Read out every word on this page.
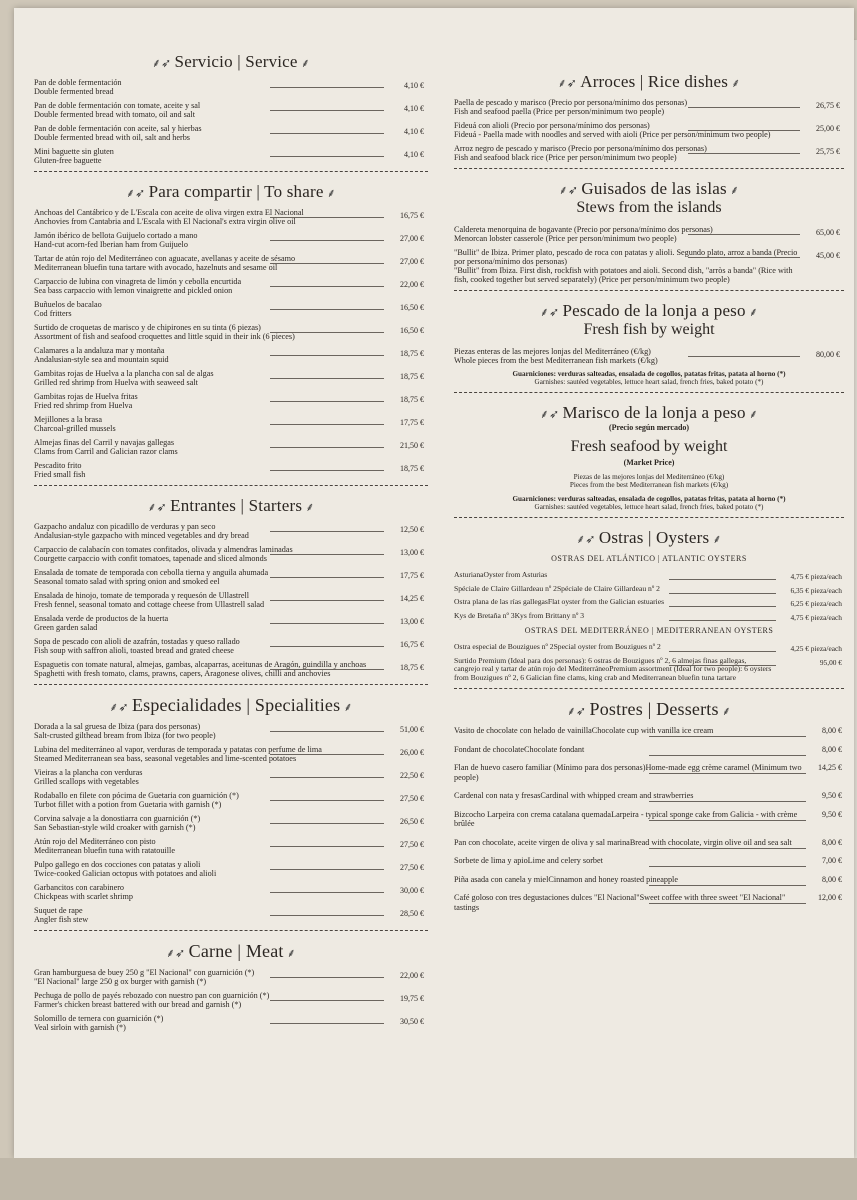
⸙➶ Servicio | Service ⸙
Pan de doble fermentación
Double fermented bread
4,10 €
Pan de doble fermentación con tomate, aceite y sal
Double fermented bread with tomato, oil and salt
4,10 €
Pan de doble fermentación con aceite, sal y hierbas
Double fermented bread with oil, salt and herbs
4,10 €
Mini baguette sin gluten
Gluten-free baguette
4,10 €
⸙➶ Para compartir | To share ⸙
Anchoas del Cantábrico y de L'Escala con aceite de oliva virgen extra El Nacional
Anchovies from Cantabria and L'Escala with El Nacional's extra virgin olive oil
16,75 €
Jamón ibérico de bellota Guijuelo cortado a mano
Hand-cut acorn-fed Iberian ham from Guijuelo
27,00 €
Tartar de atún rojo del Mediterráneo con aguacate, avellanas y aceite de sésamo
Mediterranean bluefin tuna tartare with avocado, hazelnuts and sesame oil
27,00 €
Carpaccio de lubina con vinagreta de limón y cebolla encurtida
Sea bass carpaccio with lemon vinaigrette and pickled onion
22,00 €
Buñuelos de bacalao
Cod fritters
16,50 €
Surtido de croquetas de marisco y de chipirones en su tinta (6 piezas)
Assortment of fish and seafood croquettes and little squid in their ink (6 pieces)
16,50 €
Calamares a la andaluza mar y montaña
Andalusian-style sea and mountain squid
18,75 €
Gambitas rojas de Huelva a la plancha con sal de algas
Grilled red shrimp from Huelva with seaweed salt
18,75 €
Gambitas rojas de Huelva fritas
Fried red shrimp from Huelva
18,75 €
Mejillones a la brasa
Charcoal-grilled mussels
17,75 €
Almejas finas del Carril y navajas gallegas
Clams from Carril and Galician razor clams
21,50 €
Pescadito frito
Fried small fish
18,75 €
⸙➶ Entrantes | Starters ⸙
Gazpacho andaluz con picadillo de verduras y pan seco
Andalusian-style gazpacho with minced vegetables and dry bread
12,50 €
Carpaccio de calabacín con tomates confitados, olivada y almendras laminadas
Courgette carpaccio with confit tomatoes, tapenade and sliced almonds
13,00 €
Ensalada de tomate de temporada con cebolla tierna y anguila ahumada
Seasonal tomato salad with spring onion and smoked eel
17,75 €
Ensalada de hinojo, tomate de temporada y requesón de Ullastrell
Fresh fennel, seasonal tomato and cottage cheese from Ullastrell salad
14,25 €
Ensalada verde de productos de la huerta
Green garden salad
13,00 €
Sopa de pescado con alioli de azafrán, tostadas y queso rallado
Fish soup with saffron alioli, toasted bread and grated cheese
16,75 €
Espaguetis con tomate natural, almejas, gambas, alcaparras, aceitunas de Aragón, guindilla y anchoas
Spaghetti with fresh tomato, clams, prawns, capers, Aragonese olives, chilli and anchovies
18,75 €
⸙➶ Especialidades | Specialities ⸙
Dorada a la sal gruesa de Ibiza (para dos personas)
Salt-crusted gilthead bream from Ibiza (for two people)
51,00 €
Lubina del mediterráneo al vapor, verduras de temporada y patatas con perfume de lima
Steamed Mediterranean sea bass, seasonal vegetables and lime-scented potatoes
26,00 €
Vieiras a la plancha con verduras
Grilled scallops with vegetables
22,50 €
Rodaballo en filete con pócima de Guetaria con guarnición (*)
Turbot fillet with a potion from Guetaria with garnish (*)
27,50 €
Corvina salvaje a la donostiarra con guarnición (*)
San Sebastian-style wild croaker with garnish (*)
26,50 €
Atún rojo del Mediterráneo con pisto
Mediterranean bluefin tuna with ratatouille
27,50 €
Pulpo gallego en dos cocciones con patatas y alioli
Twice-cooked Galician octopus with potatoes and alioli
27,50 €
Garbancitos con carabinero
Chickpeas with scarlet shrimp
30,00 €
Suquet de rape
Angler fish stew
28,50 €
⸙➶ Carne | Meat ⸙
Gran hamburguesa de buey 250 g "El Nacional" con guarnición (*)
"El Nacional" large 250 g ox burger with garnish (*)
22,00 €
Pechuga de pollo de payés rebozado con nuestro pan con guarnición (*)
Farmer's chicken breast battered with our bread and garnish (*)
19,75 €
Solomillo de ternera con guarnición (*)
Veal sirloin with garnish (*)
30,50 €
⸙➶ Arroces | Rice dishes ⸙
Paella de pescado y marisco (Precio por persona/mínimo dos personas)
Fish and seafood paella (Price per person/minimum two people)
26,75 €
Fideuá con alioli (Precio por persona/mínimo dos personas)
Fideuá - Paella made with noodles and served with aioli (Price per person/minimum two people)
25,00 €
Arroz negro de pescado y marisco (Precio por persona/mínimo dos personas)
Fish and seafood black rice (Price per person/minimum two people)
25,75 €
⸙➶ Guisados de las islas ⸙
Stews from the islands
Caldereta menorquina de bogavante (Precio por persona/mínimo dos personas)
Menorcan lobster casserole (Price per person/minimum two people)
65,00 €
"Bullit" de Ibiza. Primer plato, pescado de roca con patatas y alioli. Segundo plato, arroz a banda (Precio por persona/mínimo dos personas)
"Bullit" from Ibiza. First dish, rockfish with potatoes and aioli. Second dish, "arròs a banda" (Rice with fish, cooked together but served separately) (Price per person/minimum two people)
45,00 €
⸙➶ Pescado de la lonja a peso ⸙
Fresh fish by weight
Piezas enteras de las mejores lonjas del Mediterráneo (€/kg)
Whole pieces from the best Mediterranean fish markets (€/kg)
80,00 €
Guarniciones: verduras salteadas, ensalada de cogollos, patatas fritas, patata al horno (*)
Garnishes: sautéed vegetables, lettuce heart salad, french fries, baked potato (*)
⸙➶ Marisco de la lonja a peso ⸙
(Precio según mercado)
Fresh seafood by weight
(Market Price)
Piezas de las mejores lonjas del Mediterráneo (€/kg)
Pieces from the best Mediterranean fish markets (€/kg)
Guarniciones: verduras salteadas, ensalada de cogollos, patatas fritas, patata al horno (*)
Garnishes: sautéed vegetables, lettuce heart salad, french fries, baked potato (*)
⸙➶ Ostras | Oysters ⸙
OSTRAS DEL ATLÁNTICO | ATLANTIC OYSTERS
AsturianaOyster from Asturias	4,75 € pieza/each
Spéciale de Claire Gillardeau nº 2Spéciale de Claire Gillardeau nº 2	6,35 € pieza/each
Ostra plana de las rías gallegasFlat oyster from the Galician estuaries	6,25 € pieza/each
Kys de Bretaña nº 3Kys from Brittany nº 3	4,75 € pieza/each
OSTRAS DEL MEDITERRÁNEO | MEDITERRANEAN OYSTERS
Ostra especial de Bouzigues nº 2Special oyster from Bouzigues nº 2	4,25 € pieza/each
Surtido Premium (Ideal para dos personas): 6 ostras de Bouzigues nº 2, 6 almejas finas gallegas, cangrejo real y tartar de atún rojo del MediterráneoPremium assortment (Ideal for two people): 6 oysters from Bouzigues nº 2, 6 Galician fine clams, king crab and Mediterranean bluefin tuna tartare
95,00 €
⸙➶ Postres | Desserts ⸙
Vasito de chocolate con helado de vainillaChocolate cup with vanilla ice cream	8,00 €
Fondant de chocolateChocolate fondant	8,00 €
Flan de huevo casero familiar (Mínimo para dos personas)Home-made egg crème caramel (Minimum two people)
14,25 €
Cardenal con nata y fresasCardinal with whipped cream and strawberries	9,50 €
Bizcocho Larpeira con crema catalana quemadaLarpeira - typical sponge cake from Galicia - with crème brûlée
9,50 €
Pan con chocolate, aceite virgen de oliva y sal marinaBread with chocolate, virgin olive oil and sea salt	8,00 €
Sorbete de lima y apioLime and celery sorbet	7,00 €
Piña asada con canela y mielCinnamon and honey roasted pineapple	8,00 €
Café goloso con tres degustaciones dulces "El Nacional"Sweet coffee with three sweet "El Nacional" tastings
12,00 €
